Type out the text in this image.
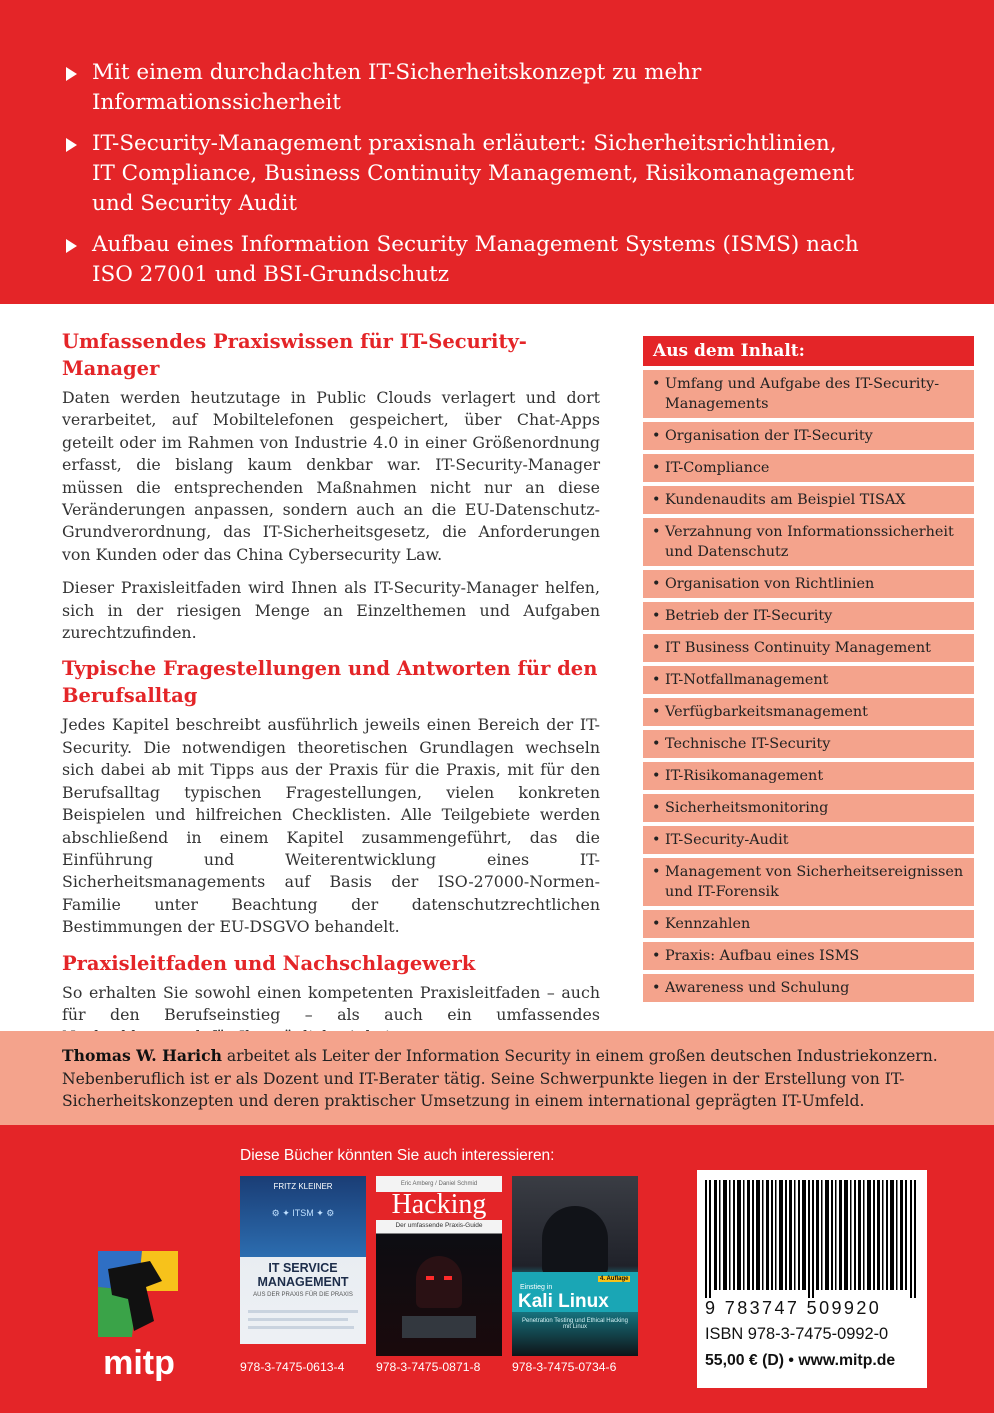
Mit einem durchdachten IT-Sicherheitskonzept zu mehr Informationssicherheit
IT-Security-Management praxisnah erläutert: Sicherheitsrichtlinien, IT Compliance, Business Continuity Management, Risikomanagement und Security Audit
Aufbau eines Information Security Management Systems (ISMS) nach ISO 27001 und BSI-Grundschutz
Umfassendes Praxiswissen für IT-Security-Manager

Daten werden heutzutage in Public Clouds verlagert und dort verarbeitet, auf Mobiltelefonen gespeichert, über Chat-Apps geteilt oder im Rahmen von Industrie 4.0 in einer Größenordnung erfasst, die bislang kaum denkbar war. IT-Security-Manager müssen die entsprechenden Maßnahmen nicht nur an diese Veränderungen anpassen, sondern auch an die EU-Datenschutz-Grundverordnung, das IT-Sicherheitsgesetz, die Anforderungen von Kunden oder das China Cybersecurity Law.

Dieser Praxisleitfaden wird Ihnen als IT-Security-Manager helfen, sich in der riesigen Menge an Einzelthemen und Aufgaben zurechtzufinden.

Typische Fragestellungen und Antworten für den Berufsalltag

Jedes Kapitel beschreibt ausführlich jeweils einen Bereich der IT-Security. Die notwendigen theoretischen Grundlagen wechseln sich dabei ab mit Tipps aus der Praxis für die Praxis, mit für den Berufsalltag typischen Fragestellungen, vielen konkreten Beispielen und hilfreichen Checklisten. Alle Teilgebiete werden abschließend in einem Kapitel zusammengeführt, das die Einführung und Weiterentwicklung eines IT-Sicherheitsmanagements auf Basis der ISO-27000-Normen-Familie unter Beachtung der datenschutzrechtlichen Bestimmungen der EU-DSGVO behandelt.

Praxisleitfaden und Nachschlagewerk

So erhalten Sie sowohl einen kompetenten Praxisleitfaden – auch für den Berufseinstieg – als auch ein umfassendes

Aus dem Inhalt:
• Umfang und Aufgabe des IT-Security-Managements
• Organisation der IT-Security
• IT-Compliance
• Kundenaudits am Beispiel TISAX
• Verzahnung von Informationssicherheit und Datenschutz
• Organisation von Richtlinien
• Betrieb der IT-Security
• IT Business Continuity Management
• IT-Notfallmanagement
• Verfügbarkeitsmanagement
• Technische IT-Security
• IT-Risikomanagement
• Sicherheitsmonitoring
• IT-Security-Audit
• Management von Sicherheitsereignissen und IT-Forensik
• Kennzahlen
• Praxis: Aufbau eines ISMS
• Awareness und Schulung

Thomas W. Harich arbeitet als Leiter der Information Security in einem großen deutschen Industriekonzern. Nebenberuflich ist er als Dozent und IT-Berater tätig. Seine Schwerpunkte liegen in der Erstellung von IT-Sicherheitskonzepten und deren praktischer Umsetzung in einem international geprägten IT-Umfeld.

Diese Bücher könnten Sie auch interessieren:
mitp
FRITZ KLEINER
⚙ ✦ ITSM ✦ ⚙
IT SERVICE
MANAGEMENT
AUS DER PRAXIS FÜR DIE PRAXIS
978-3-7475-0613-4
Eric Amberg / Daniel Schmid
Hacking
Der umfassende Praxis-Guide
978-3-7475-0871-8
4. Auflage
Einstieg in
Kali Linux
Penetration Testing und Ethical Hacking mit Linux
978-3-7475-0734-6
9 783747 509920
ISBN 978-3-7475-0992-0
55,00 € (D) • www.mitp.de
